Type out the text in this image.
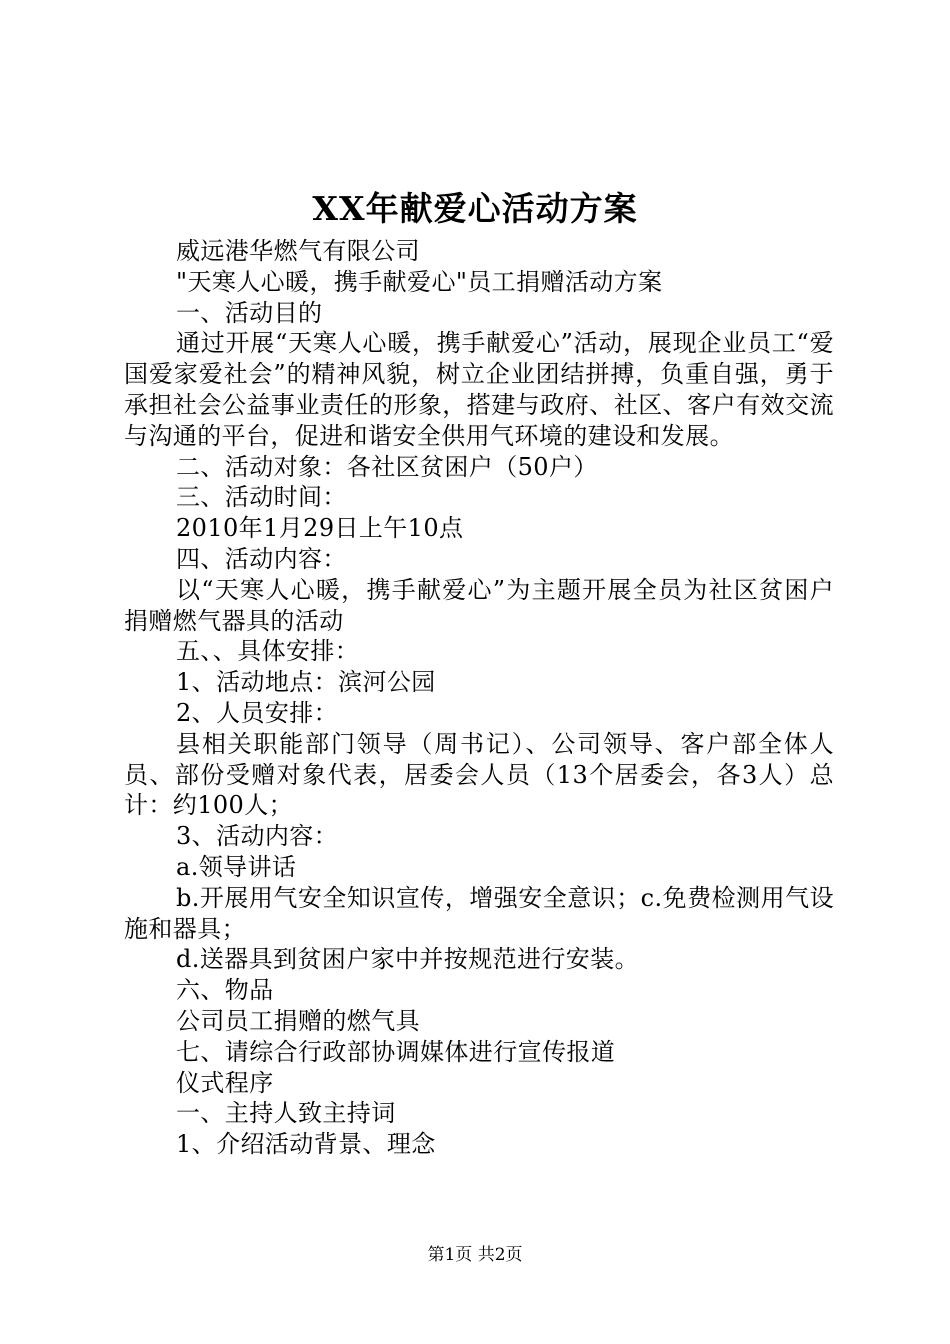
XX年献爱心活动方案

威远港华燃气有限公司

"天寒人心暖，携手献爱心"员工捐赠活动方案

一、活动目的

通过开展“天寒人心暖，携手献爱心”活动，展现企业员工“爱国爱家爱社会”的精神风貌，树立企业团结拼搏，负重自强，勇于承担社会公益事业责任的形象，搭建与政府、社区、客户有效交流与沟通的平台，促进和谐安全供用气环境的建设和发展。

二、活动对象：各社区贫困户（50户）

三、活动时间：

2010年1月29日上午10点

四、活动内容：

以“天寒人心暖，携手献爱心”为主题开展全员为社区贫困户捐赠燃气器具的活动

五、、具体安排：

1、活动地点：滨河公园

2、人员安排：

县相关职能部门领导（周书记）、公司领导、客户部全体人员、部份受赠对象代表，居委会人员（13个居委会，各3人）总计：约100人；

3、活动内容：

a.领导讲话

b.开展用气安全知识宣传，增强安全意识；c.免费检测用气设施和器具；

d.送器具到贫困户家中并按规范进行安装。

六、物品

公司员工捐赠的燃气具

七、请综合行政部协调媒体进行宣传报道

仪式程序

一、主持人致主持词

1、介绍活动背景、理念

第1页 共2页
